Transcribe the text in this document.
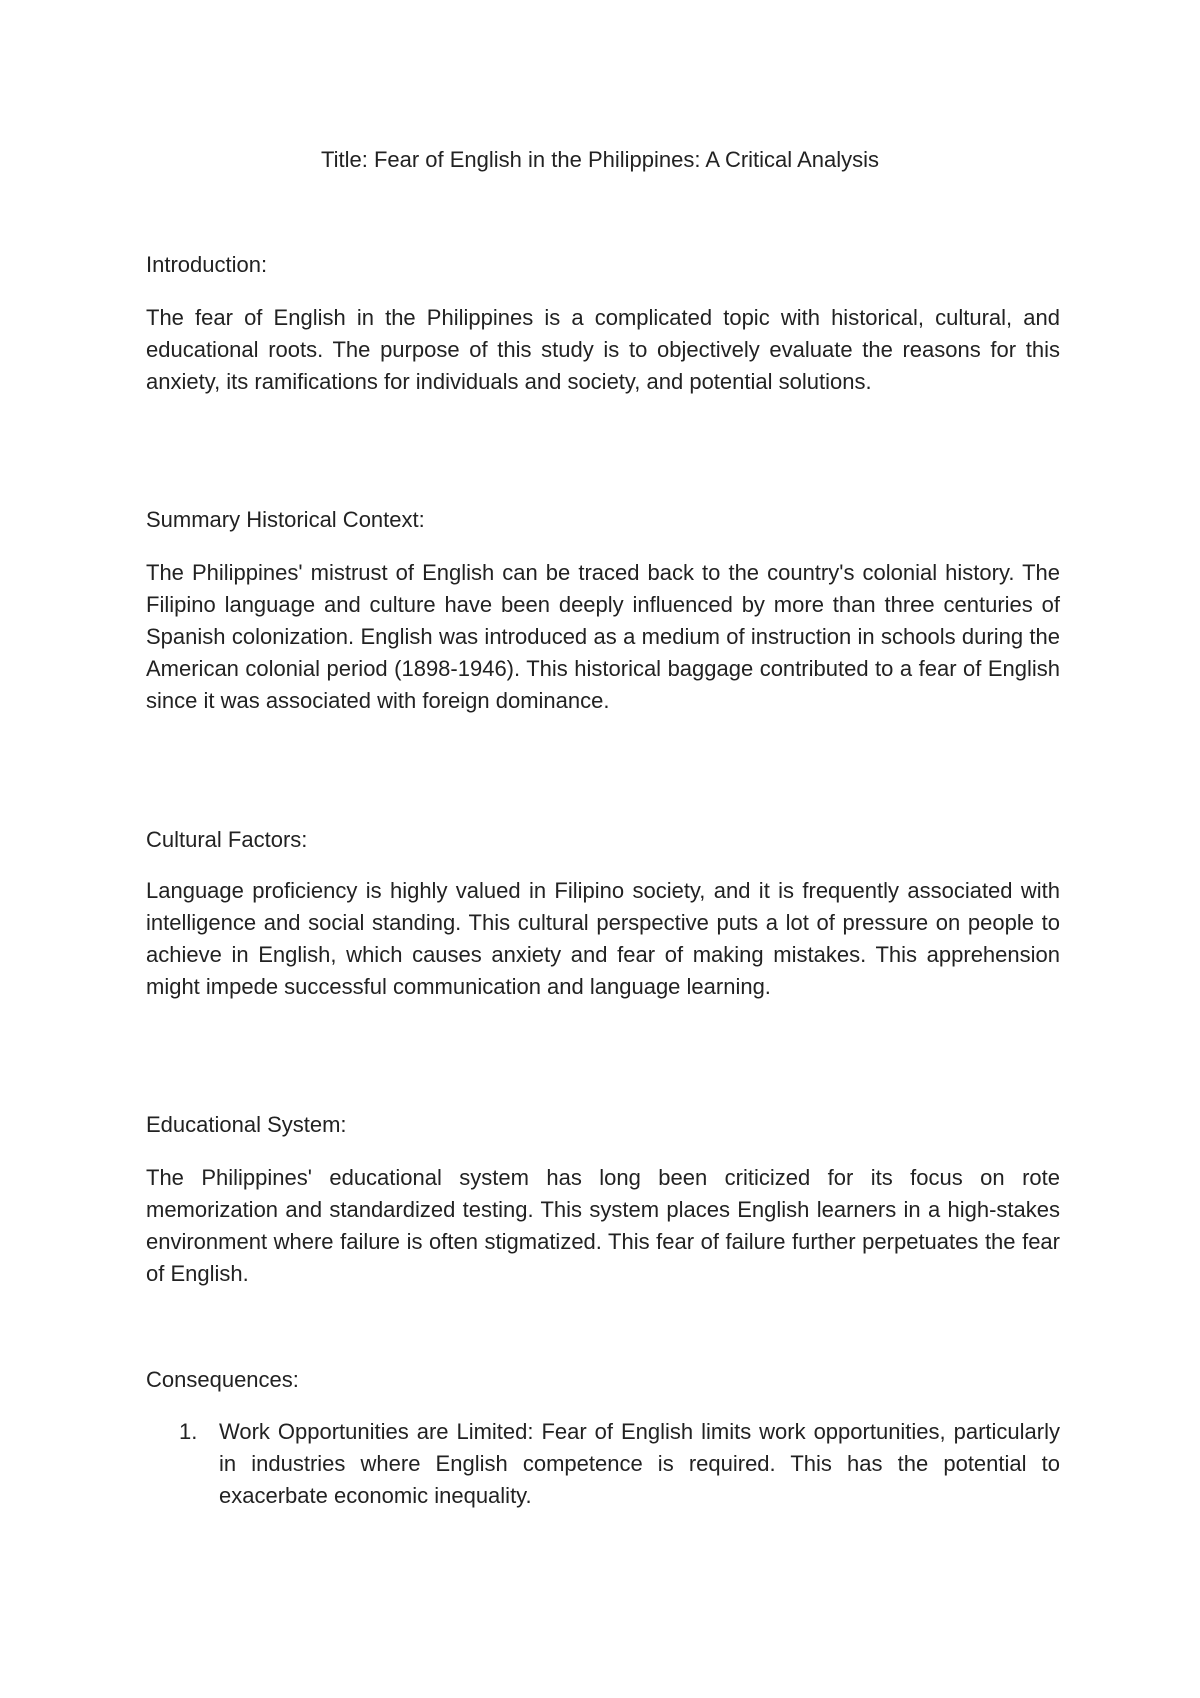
Title: Fear of English in the Philippines: A Critical Analysis
Introduction:

The fear of English in the Philippines is a complicated topic with historical, cultural, and educational roots. The purpose of this study is to objectively evaluate the reasons for this anxiety, its ramifications for individuals and society, and potential solutions.

Summary Historical Context:

The Philippines' mistrust of English can be traced back to the country's colonial history. The Filipino language and culture have been deeply influenced by more than three centuries of Spanish colonization. English was introduced as a medium of instruction in schools during the American colonial period (1898-1946). This historical baggage contributed to a fear of English since it was associated with foreign dominance.

Cultural Factors:

Language proficiency is highly valued in Filipino society, and it is frequently associated with intelligence and social standing. This cultural perspective puts a lot of pressure on people to achieve in English, which causes anxiety and fear of making mistakes. This apprehension might impede successful communication and language learning.

Educational System:

The Philippines' educational system has long been criticized for its focus on rote memorization and standardized testing. This system places English learners in a high-stakes environment where failure is often stigmatized. This fear of failure further perpetuates the fear of English.

Consequences:
1. Work Opportunities are Limited: Fear of English limits work opportunities, particularly in industries where English competence is required. This has the potential to exacerbate economic inequality.
